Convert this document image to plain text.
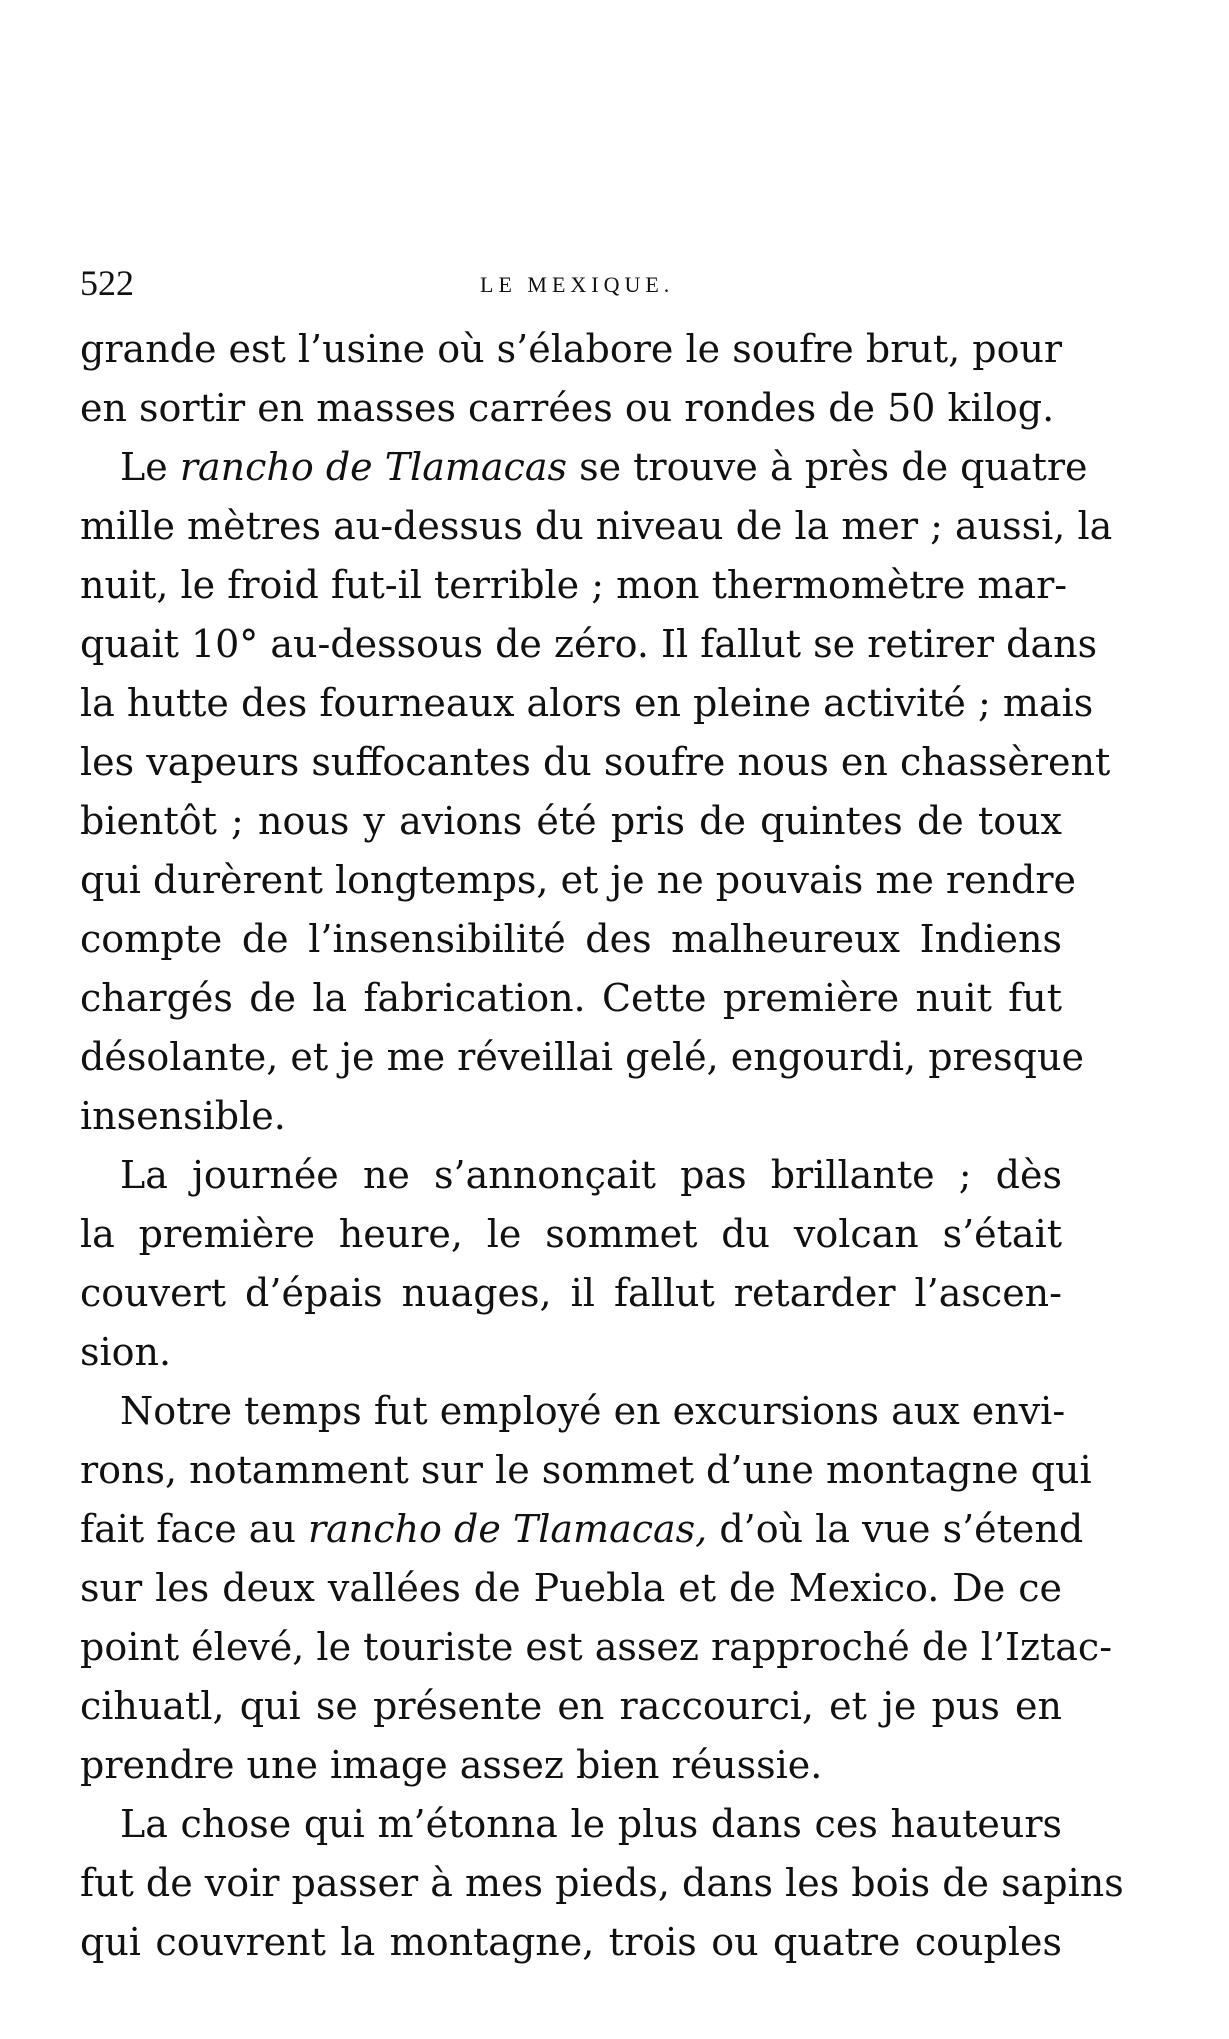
522	LE MEXIQUE.
grande est l’usine où s’élabore le soufre brut, pour
en sortir en masses carrées ou rondes de 50 kilog.
Le rancho de Tlamacas se trouve à près de quatre
mille mètres au-dessus du niveau de la mer ; aussi, la
nuit, le froid fut-il terrible ; mon thermomètre mar-
quait 10° au-dessous de zéro. Il fallut se retirer dans
la hutte des fourneaux alors en pleine activité ; mais
les vapeurs suffocantes du soufre nous en chassèrent
bientôt ; nous y avions été pris de quintes de toux
qui durèrent longtemps, et je ne pouvais me rendre
compte de l’insensibilité des malheureux Indiens
chargés de la fabrication. Cette première nuit fut
désolante, et je me réveillai gelé, engourdi, presque
insensible.
La journée ne s’annonçait pas brillante ; dès
la première heure, le sommet du volcan s’était
couvert d’épais nuages, il fallut retarder l’ascen-
sion.
Notre temps fut employé en excursions aux envi-
rons, notamment sur le sommet d’une montagne qui
fait face au rancho de Tlamacas, d’où la vue s’étend
sur les deux vallées de Puebla et de Mexico. De ce
point élevé, le touriste est assez rapproché de l’Iztac-
cihuatl, qui se présente en raccourci, et je pus en
prendre une image assez bien réussie.
La chose qui m’étonna le plus dans ces hauteurs
fut de voir passer à mes pieds, dans les bois de sapins
qui couvrent la montagne, trois ou quatre couples
